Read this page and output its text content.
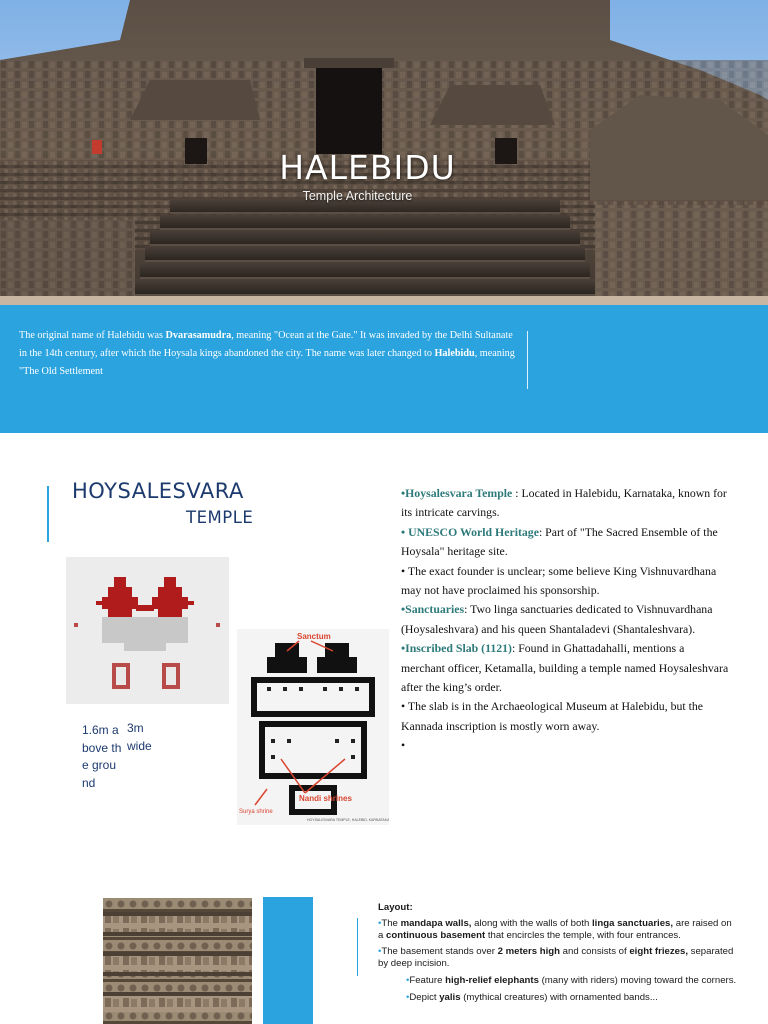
HALEBIDU
Temple Architecture

The original name of Halebidu was Dvarasamudra, meaning "Ocean at the Gate." It was invaded by the Delhi Sultanate in the 14th century, after which the Hoysala kings abandoned the city. The name was later changed to Halebidu, meaning "The Old Settlement

HOYSALESVARA
TEMPLE
Sanctum
Nandi shrines
Surya shrine
HOYSALESVARA TEMPLE, HALEBID, KARNATAKA
1.6m above the ground
3m wide
•Hoysalesvara Temple : Located in Halebidu, Karnataka, known for its intricate carvings.
• UNESCO World Heritage: Part of "The Sacred Ensemble of the Hoysala" heritage site.
• The exact founder is unclear; some believe King Vishnuvardhana may not have proclaimed his sponsorship.
•Sanctuaries: Two linga sanctuaries dedicated to Vishnuvardhana (Hoysaleshvara) and his queen Shantaladevi (Shantaleshvara).
•Inscribed Slab (1121): Found in Ghattadahalli, mentions a merchant officer, Ketamalla, building a temple named Hoysaleshvara after the king’s order.
• The slab is in the Archaeological Museum at Halebidu, but the Kannada inscription is mostly worn away.
•
Layout:
•The mandapa walls, along with the walls of both linga sanctuaries, are raised on a continuous basement that encircles the temple, with four entrances.
•The basement stands over 2 meters high and consists of eight friezes, separated by deep incision.
•Feature high-relief elephants (many with riders) moving toward the corners.
•Depict yalis (mythical creatures) with ornamented bands...
